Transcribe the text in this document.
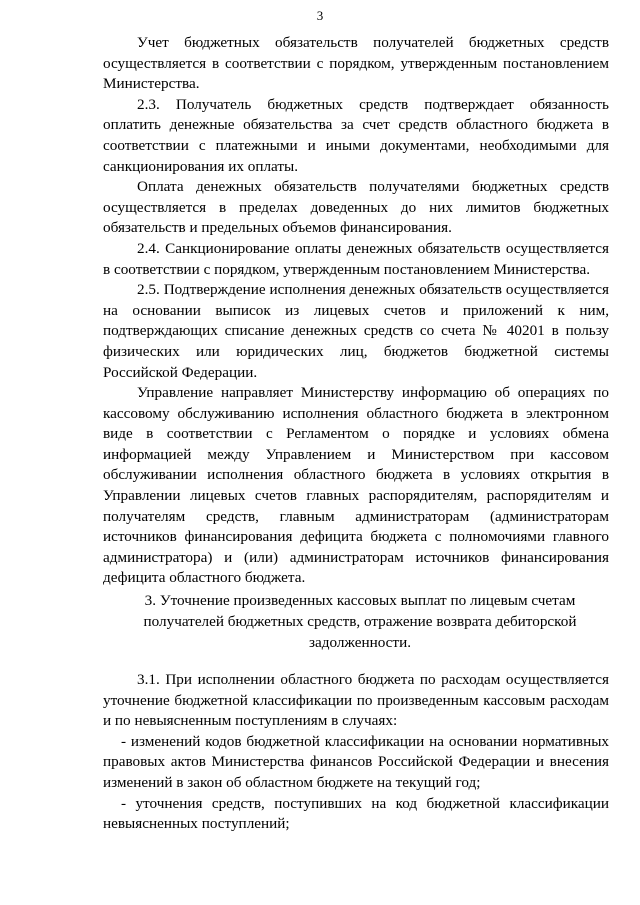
3

Учет бюджетных обязательств получателей бюджетных средств осуществляется в соответствии с порядком, утвержденным постановлением Министерства.

2.3. Получатель бюджетных средств подтверждает обязанность оплатить денежные обязательства за счет средств областного бюджета в соответствии с платежными и иными документами, необходимыми для санкционирования их оплаты.

Оплата денежных обязательств получателями бюджетных средств осуществляется в пределах доведенных до них лимитов бюджетных обязательств и предельных объемов финансирования.

2.4. Санкционирование оплаты денежных обязательств осуществляется в соответствии с порядком, утвержденным постановлением Министерства.

2.5. Подтверждение исполнения денежных обязательств осуществляется на основании выписок из лицевых счетов и приложений к ним, подтверждающих списание денежных средств со счета № 40201 в пользу физических или юридических лиц, бюджетов бюджетной системы Российской Федерации.

Управление направляет Министерству информацию об операциях по кассовому обслуживанию исполнения областного бюджета в электронном виде в соответствии с Регламентом о порядке и условиях обмена информацией между Управлением и Министерством при кассовом обслуживании исполнения областного бюджета в условиях открытия в Управлении лицевых счетов главных распорядителям, распорядителям и получателям средств, главным администраторам (администраторам источников финансирования дефицита бюджета с полномочиями главного администратора) и (или) администраторам источников финансирования дефицита областного бюджета.

3. Уточнение произведенных кассовых выплат по лицевым счетам получателей бюджетных средств, отражение возврата дебиторской задолженности.

3.1. При исполнении областного бюджета по расходам осуществляется уточнение бюджетной классификации по произведенным кассовым расходам и по невыясненным поступлениям в случаях:

- изменений кодов бюджетной классификации на основании нормативных правовых актов Министерства финансов Российской Федерации и внесения изменений в закон об областном бюджете на текущий год;

- уточнения средств, поступивших на код бюджетной классификации невыясненных поступлений;
